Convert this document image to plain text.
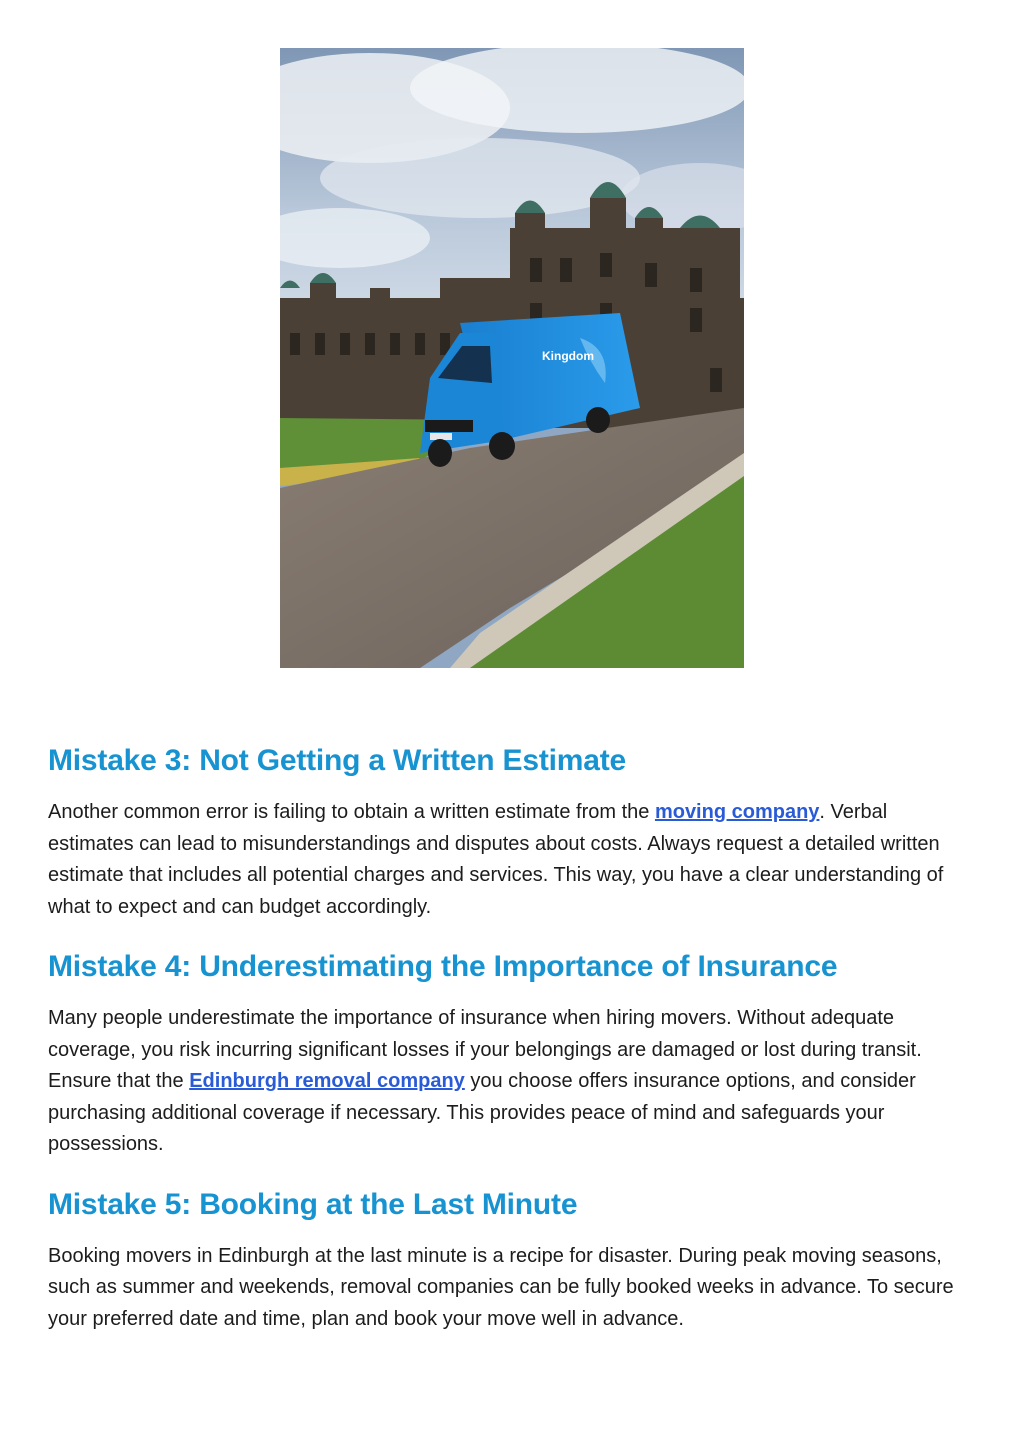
Kingdom
Mistake 3: Not Getting a Written Estimate

Another common error is failing to obtain a written estimate from the moving company. Verbal estimates can lead to misunderstandings and disputes about costs. Always request a detailed written estimate that includes all potential charges and services. This way, you have a clear understanding of what to expect and can budget accordingly.

Mistake 4: Underestimating the Importance of Insurance

Many people underestimate the importance of insurance when hiring movers. Without adequate coverage, you risk incurring significant losses if your belongings are damaged or lost during transit. Ensure that the Edinburgh removal company you choose offers insurance options, and consider purchasing additional coverage if necessary. This provides peace of mind and safeguards your possessions.

Mistake 5: Booking at the Last Minute

Booking movers in Edinburgh at the last minute is a recipe for disaster. During peak moving seasons, such as summer and weekends, removal companies can be fully booked weeks in advance. To secure your preferred date and time, plan and book your move well in advance.
